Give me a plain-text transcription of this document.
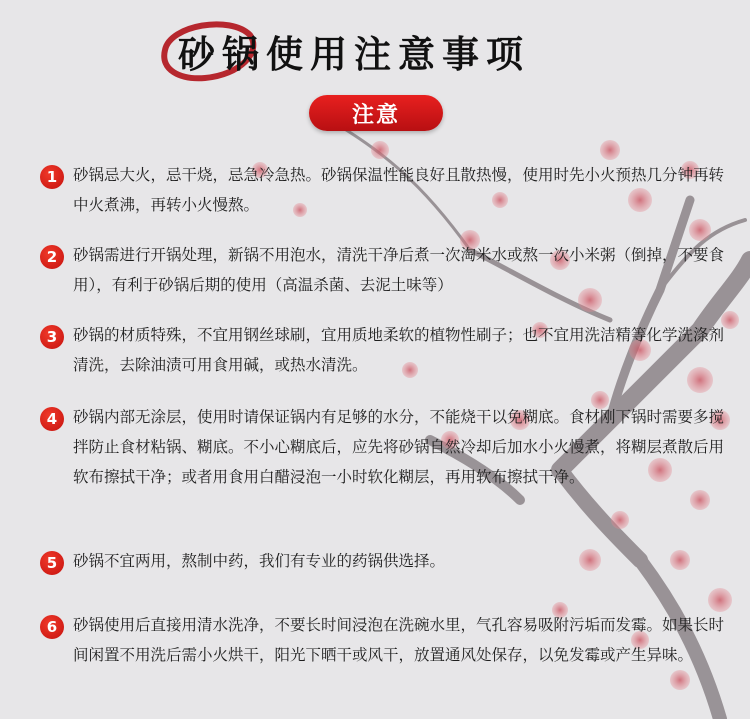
砂锅使用注意事项
注意
1	砂锅忌大火，忌干烧，忌急冷急热。砂锅保温性能良好且散热慢，使用时先小火预热几分钟再转中火煮沸，再转小火慢熬。
2	砂锅需进行开锅处理，新锅不用泡水，清洗干净后煮一次淘米水或熬一次小米粥（倒掉，不要食用），有利于砂锅后期的使用（高温杀菌、去泥土味等）
3	砂锅的材质特殊，不宜用钢丝球刷，宜用质地柔软的植物性刷子；也不宜用洗洁精等化学洗涤剂清洗，去除油渍可用食用碱，或热水清洗。
4	砂锅内部无涂层，使用时请保证锅内有足够的水分，不能烧干以免糊底。食材刚下锅时需要多搅拌防止食材粘锅、糊底。不小心糊底后，应先将砂锅自然冷却后加水小火慢煮，将糊层煮散后用软布擦拭干净；或者用食用白醋浸泡一小时软化糊层，再用软布擦拭干净。
5	砂锅不宜两用，熬制中药，我们有专业的药锅供选择。
6	砂锅使用后直接用清水洗净，不要长时间浸泡在洗碗水里，气孔容易吸附污垢而发霉。如果长时间闲置不用洗后需小火烘干，阳光下晒干或风干，放置通风处保存，以免发霉或产生异味。
